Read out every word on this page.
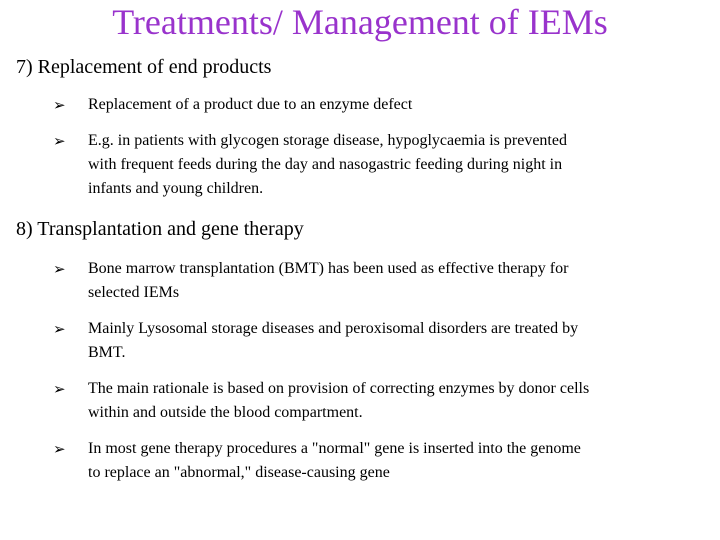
Treatments/ Management of IEMs
7) Replacement of end products
➢ Replacement of a product due to an enzyme defect
➢ E.g. in patients with glycogen storage disease, hypoglycaemia is prevented
with frequent feeds during the day and nasogastric feeding during night in
infants and young children.
8) Transplantation and gene therapy
➢ Bone marrow transplantation (BMT) has been used as effective therapy for
selected IEMs
➢ Mainly Lysosomal storage diseases and peroxisomal disorders are treated by
BMT.
➢ The main rationale is based on provision of correcting enzymes by donor cells
within and outside the blood compartment.
➢ In most gene therapy procedures a "normal" gene is inserted into the genome
to replace an "abnormal," disease-causing gene
